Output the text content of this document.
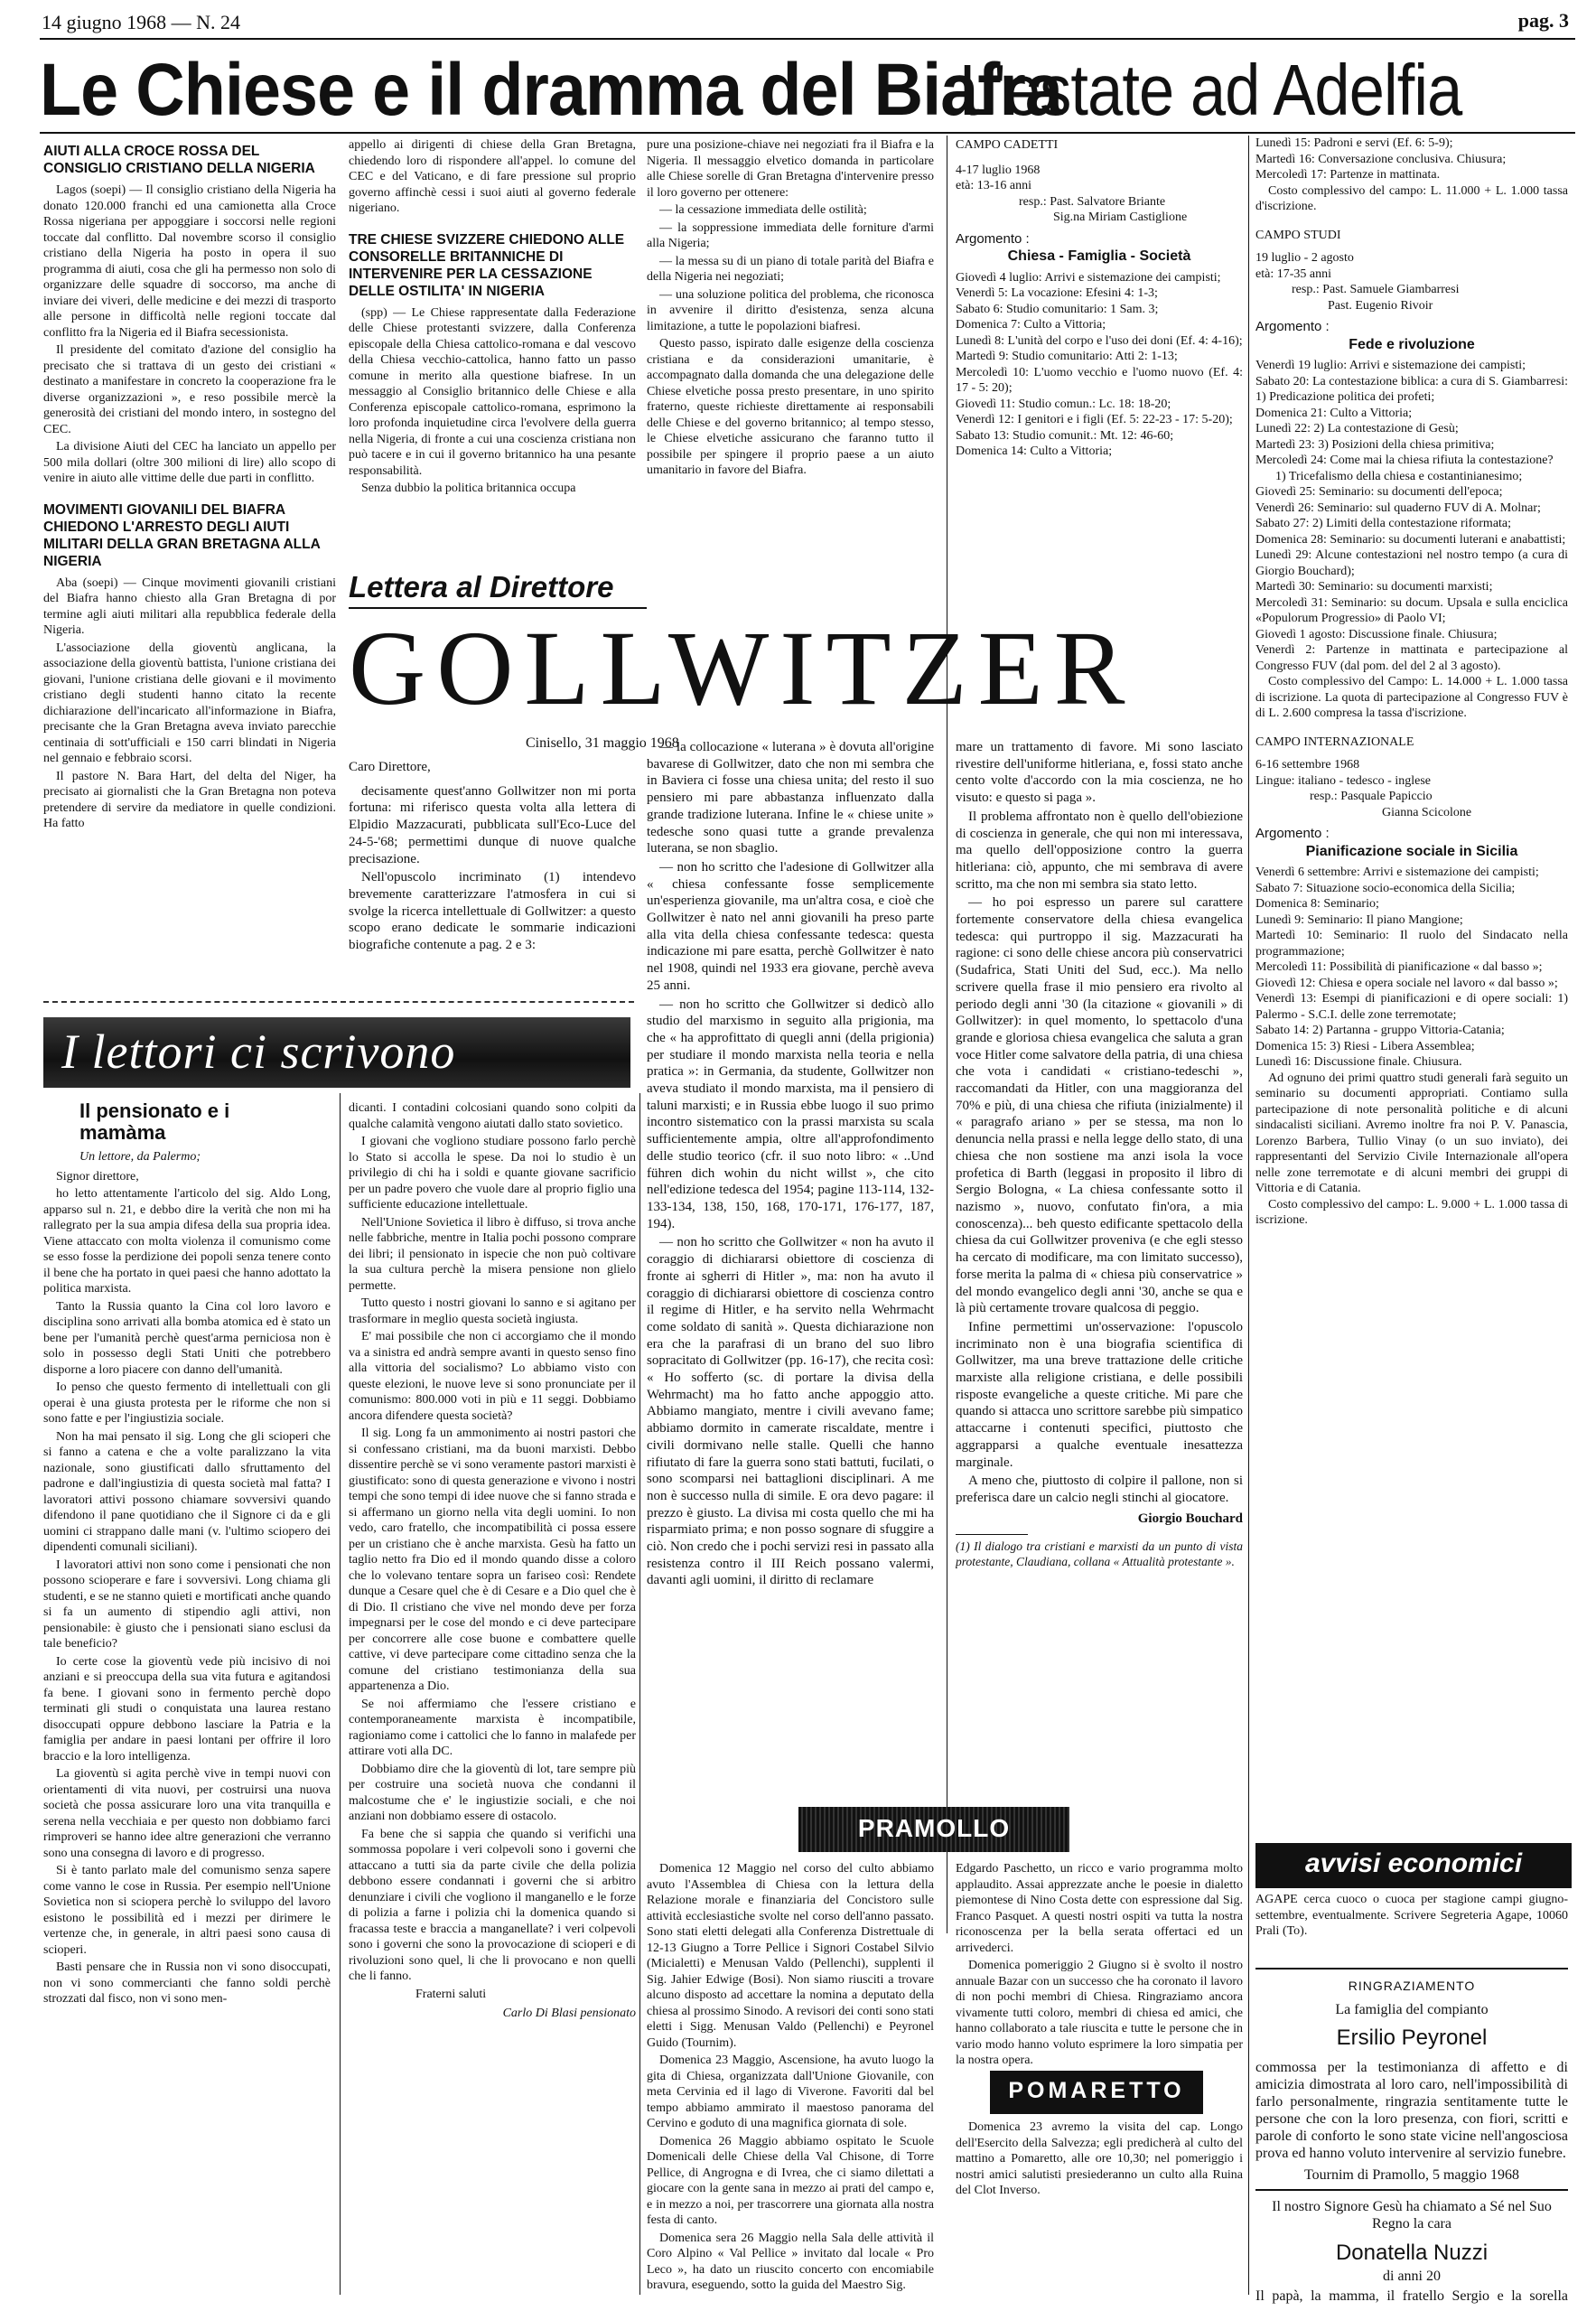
14 giugno 1968 — N. 24	pag. 3
Le Chiese e il dramma del Biafra
L'estate ad Adelfia
AIUTI ALLA CROCE ROSSA DEL CONSIGLIO CRISTIANO DELLA NIGERIA

Lagos (soepi) — Il consiglio cristiano della Nigeria ha donato 120.000 franchi ed una camionetta alla Croce Rossa nigeriana per appoggiare i soccorsi nelle regioni toccate dal conflitto. Dal novembre scorso il consiglio cristiano della Nigeria ha posto in opera il suo programma di aiuti, cosa che gli ha permesso non solo di organizzare delle squadre di soccorso, ma anche di inviare dei viveri, delle medicine e dei mezzi di trasporto alle persone in difficoltà nelle regioni toccate dal conflitto fra la Nigeria ed il Biafra secessionista.

Il presidente del comitato d'azione del consiglio ha precisato che si trattava di un gesto dei cristiani « destinato a manifestare in concreto la cooperazione fra le diverse organizzazioni », e reso possibile mercè la generosità dei cristiani del mondo intero, in sostegno del CEC.

La divisione Aiuti del CEC ha lanciato un appello per 500 mila dollari (oltre 300 milioni di lire) allo scopo di venire in aiuto alle vittime delle due parti in conflitto.

MOVIMENTI GIOVANILI DEL BIAFRA CHIEDONO L'ARRESTO DEGLI AIUTI MILITARI DELLA GRAN BRETAGNA ALLA NIGERIA

Aba (soepi) — Cinque movimenti giovanili cristiani del Biafra hanno chiesto alla Gran Bretagna di por termine agli aiuti militari alla repubblica federale della Nigeria.

L'associazione della gioventù anglicana, la associazione della gioventù battista, l'unione cristiana dei giovani, l'unione cristiana delle giovani e il movimento cristiano degli studenti hanno citato la recente dichiarazione dell'incaricato all'informazione in Biafra, precisante che la Gran Bretagna aveva inviato parecchie centinaia di sott'ufficiali e 150 carri blindati in Nigeria nel gennaio e febbraio scorsi.

Il pastore N. Bara Hart, del delta del Niger, ha precisato ai giornalisti che la Gran Bretagna non poteva pretendere di servire da mediatore in quelle condizioni. Ha fatto

appello ai dirigenti di chiese della Gran Bretagna, chiedendo loro di rispondere all'appel. lo comune del CEC e del Vaticano, e di fare pressione sul proprio governo affinchè cessi i suoi aiuti al governo federale nigeriano.

TRE CHIESE SVIZZERE CHIEDONO ALLE CONSORELLE BRITANNICHE DI INTERVENIRE PER LA CESSAZIONE DELLE OSTILITA' IN NIGERIA

(spp) — Le Chiese rappresentate dalla Federazione delle Chiese protestanti svizzere, dalla Conferenza episcopale della Chiesa cattolico-romana e dal vescovo della Chiesa vecchio-cattolica, hanno fatto un passo comune in merito alla questione biafrese. In un messaggio al Consiglio britannico delle Chiese e alla Conferenza episcopale cattolico-romana, esprimono la loro profonda inquietudine circa l'evolvere della guerra nella Nigeria, di fronte a cui una coscienza cristiana non può tacere e in cui il governo britannico ha una pesante responsabilità.

Senza dubbio la politica britannica occupa

pure una posizione-chiave nei negoziati fra il Biafra e la Nigeria. Il messaggio elvetico domanda in particolare alle Chiese sorelle di Gran Bretagna d'intervenire presso il loro governo per ottenere:

— la cessazione immediata delle ostilità;

— la soppressione immediata delle forniture d'armi alla Nigeria;

— la messa su di un piano di totale parità del Biafra e della Nigeria nei negoziati;

— una soluzione politica del problema, che riconosca in avvenire il diritto d'esistenza, senza alcuna limitazione, a tutte le popolazioni biafresi.

Questo passo, ispirato dalle esigenze della coscienza cristiana e da considerazioni umanitarie, è accompagnato dalla domanda che una delegazione delle Chiese elvetiche possa presto presentare, in uno spirito fraterno, queste richieste direttamente ai responsabili delle Chiese e del governo britannico; al tempo stesso, le Chiese elvetiche assicurano che faranno tutto il possibile per spingere il proprio paese a un aiuto umanitario in favore del Biafra.

CAMPO CADETTI
4-17 luglio 1968
età: 13-16 anni
resp.: Past. Salvatore Briante
Sig.na Miriam Castiglione
Argomento :
Chiesa - Famiglia - Società

Giovedì 4 luglio: Arrivi e sistemazione dei campisti;

Venerdì 5: La vocazione: Efesini 4: 1-3;

Sabato 6: Studio comunitario: 1 Sam. 3;

Domenica 7: Culto a Vittoria;

Lunedì 8: L'unità del corpo e l'uso dei doni (Ef. 4: 4-16);

Martedì 9: Studio comunitario: Atti 2: 1-13;

Mercoledì 10: L'uomo vecchio e l'uomo nuovo (Ef. 4: 17 - 5: 20);

Giovedì 11: Studio comun.: Lc. 18: 18-20;

Venerdì 12: I genitori e i figli (Ef. 5: 22-23 - 17: 5-20);

Sabato 13: Studio comunit.: Mt. 12: 46-60;

Domenica 14: Culto a Vittoria;

Lunedì 15: Padroni e servi (Ef. 6: 5-9);

Martedì 16: Conversazione conclusiva. Chiusura;

Mercoledì 17: Partenze in mattinata.

Costo complessivo del campo: L. 11.000 + L. 1.000 tassa d'iscrizione.

CAMPO STUDI
19 luglio - 2 agosto
età: 17-35 anni
resp.: Past. Samuele Giambarresi
Past. Eugenio Rivoir
Argomento :
Fede e rivoluzione

Venerdì 19 luglio: Arrivi e sistemazione dei campisti;

Sabato 20: La contestazione biblica: a cura di S. Giambarresi: 1) Predicazione politica dei profeti;

Domenica 21: Culto a Vittoria;

Lunedì 22: 2) La contestazione di Gesù;

Martedì 23: 3) Posizioni della chiesa primitiva;

Mercoledì 24: Come mai la chiesa rifiuta la contestazione?

1) Tricefalismo della chiesa e costantinianesimo;

Giovedì 25: Seminario: su documenti dell'epoca;

Venerdì 26: Seminario: sul quaderno FUV di A. Molnar;

Sabato 27: 2) Limiti della contestazione riformata;

Domenica 28: Seminario: su documenti luterani e anabattisti;

Lunedì 29: Alcune contestazioni nel nostro tempo (a cura di Giorgio Bouchard);

Martedì 30: Seminario: su documenti marxisti;

Mercoledì 31: Seminario: su docum. Upsala e sulla enciclica «Populorum Progressio» di Paolo VI;

Giovedì 1 agosto: Discussione finale. Chiusura;

Venerdì 2: Partenze in mattinata e partecipazione al Congresso FUV (dal pom. del del 2 al 3 agosto).

Costo complessivo del Campo: L. 14.000 + L. 1.000 tassa di iscrizione. La quota di partecipazione al Congresso FUV è di L. 2.600 compresa la tassa d'iscrizione.

CAMPO INTERNAZIONALE
6-16 settembre 1968
Lingue: italiano - tedesco - inglese
resp.: Pasquale Papiccio
Gianna Scicolone
Argomento :
Pianificazione sociale in Sicilia

Venerdì 6 settembre: Arrivi e sistemazione dei campisti;

Sabato 7: Situazione socio-economica della Sicilia;

Domenica 8: Seminario;

Lunedì 9: Seminario: Il piano Mangione;

Martedì 10: Seminario: Il ruolo del Sindacato nella programmazione;

Mercoledì 11: Possibilità di pianificazione « dal basso »;

Giovedì 12: Chiesa e opera sociale nel lavoro « dal basso »;

Venerdì 13: Esempi di pianificazioni e di opere sociali: 1) Palermo - S.C.I. delle zone terremotate;

Sabato 14: 2) Partanna - gruppo Vittoria-Catania;

Domenica 15: 3) Riesi - Libera Assemblea;

Lunedì 16: Discussione finale. Chiusura.

Ad ognuno dei primi quattro studi generali farà seguito un seminario su documenti appropriati. Contiamo sulla partecipazione di note personalità politiche e di alcuni sindacalisti siciliani. Avremo inoltre fra noi P. V. Panascia, Lorenzo Barbera, Tullio Vinay (o un suo inviato), dei rappresentanti del Servizio Civile Internazionale all'opera nelle zone terremotate e di alcuni membri dei gruppi di Vittoria e di Catania.

Costo complessivo del campo: L. 9.000 + L. 1.000 tassa di iscrizione.

Lettera al Direttore
GOLLWITZER
Cinisello, 31 maggio 1968

Caro Direttore,

decisamente quest'anno Gollwitzer non mi porta fortuna: mi riferisco questa volta alla lettera di Elpidio Mazzacurati, pubblicata sull'Eco-Luce del 24-5-'68; permettimi dunque di nuove qualche precisazione.

Nell'opuscolo incriminato (1) intendevo brevemente caratterizzare l'atmosfera in cui si svolge la ricerca intellettuale di Gollwitzer: a questo scopo erano dedicate le sommarie indicazioni biografiche contenute a pag. 2 e 3:

— la collocazione « luterana » è dovuta all'origine bavarese di Gollwitzer, dato che non mi sembra che in Baviera ci fosse una chiesa unita; del resto il suo pensiero mi pare abbastanza influenzato dalla grande tradizione luterana. Infine le « chiese unite » tedesche sono quasi tutte a grande prevalenza luterana, se non sbaglio.

— non ho scritto che l'adesione di Gollwitzer alla « chiesa confessante fosse semplicemente un'esperienza giovanile, ma un'altra cosa, e cioè che Gollwitzer è nato nel anni giovanili ha preso parte alla vita della chiesa confessante tedesca: questa indicazione mi pare esatta, perchè Gollwitzer è nato nel 1908, quindi nel 1933 era giovane, perchè aveva 25 anni.

— non ho scritto che Gollwitzer si dedicò allo studio del marxismo in seguito alla prigionia, ma che « ha approfittato di quegli anni (della prigionia) per studiare il mondo marxista nella teoria e nella pratica »: in Germania, da studente, Gollwitzer non aveva studiato il mondo marxista, ma il pensiero di taluni marxisti; e in Russia ebbe luogo il suo primo incontro sistematico con la prassi marxista su scala sufficientemente ampia, oltre all'approfondimento delle studio teorico (cfr. il suo noto libro: « ..Und führen dich wohin du nicht willst », che cito nell'edizione tedesca del 1954; pagine 113-114, 132-133-134, 138, 150, 168, 170-171, 176-177, 187, 194).

— non ho scritto che Gollwitzer « non ha avuto il coraggio di dichiararsi obiettore di coscienza di fronte ai sgherri di Hitler », ma: non ha avuto il coraggio di dichiararsi obiettore di coscienza contro il regime di Hitler, e ha servito nella Wehrmacht come soldato di sanità ». Questa dichiarazione non era che la parafrasi di un brano del suo libro sopracitato di Gollwitzer (pp. 16-17), che recita così: « Ho sofferto (sc. di portare la divisa della Wehrmacht) ma ho fatto anche appoggio atto. Abbiamo mangiato, mentre i civili avevano fame; abbiamo dormito in camerate riscaldate, mentre i civili dormivano nelle stalle. Quelli che hanno rifiutato di fare la guerra sono stati battuti, fucilati, o sono scomparsi nei battaglioni disciplinari. A me non è successo nulla di simile. E ora devo pagare: il prezzo è giusto. La divisa mi costa quello che mi ha risparmiato prima; e non posso sognare di sfuggire a ciò. Non credo che i pochi servizi resi in passato alla resistenza contro il III Reich possano valermi, davanti agli uomini, il diritto di reclamare

mare un trattamento di favore. Mi sono lasciato rivestire dell'uniforme hitleriana, e, fossi stato anche cento volte d'accordo con la mia coscienza, ne ho visuto: e questo si paga ».

Il problema affrontato non è quello dell'obiezione di coscienza in generale, che qui non mi interessava, ma quello dell'opposizione contro la guerra hitleriana: ciò, appunto, che mi sembrava di avere scritto, ma che non mi sembra sia stato letto.

— ho poi espresso un parere sul carattere fortemente conservatore della chiesa evangelica tedesca: qui purtroppo il sig. Mazzacurati ha ragione: ci sono delle chiese ancora più conservatrici (Sudafrica, Stati Uniti del Sud, ecc.). Ma nello scrivere quella frase il mio pensiero era rivolto al periodo degli anni '30 (la citazione « giovanili » di Gollwitzer): in quel momento, lo spettacolo d'una grande e gloriosa chiesa evangelica che saluta a gran voce Hitler come salvatore della patria, di una chiesa che vota i candidati « cristiano-tedeschi », raccomandati da Hitler, con una maggioranza del 70% e più, di una chiesa che rifiuta (inizialmente) il « paragrafo ariano » per se stessa, ma non lo denuncia nella prassi e nella legge dello stato, di una chiesa che non sostiene ma anzi isola la voce profetica di Barth (leggasi in proposito il libro di Sergio Bologna, « La chiesa confessante sotto il nazismo », nuovo, confutato fin'ora, a mia conoscenza)... beh questo edificante spettacolo della chiesa da cui Gollwitzer proveniva (e che egli stesso ha cercato di modificare, ma con limitato successo), forse merita la palma di « chiesa più conservatrice » del mondo evangelico degli anni '30, anche se qua e là più certamente trovare qualcosa di peggio.

Infine permettimi un'osservazione: l'opuscolo incriminato non è una biografia scientifica di Gollwitzer, ma una breve trattazione delle critiche marxiste alla religione cristiana, e delle possibili risposte evangeliche a queste critiche. Mi pare che quando si attacca uno scrittore sarebbe più simpatico attaccarne i contenuti specifici, piuttosto che aggrapparsi a qualche eventuale inesattezza marginale.

A meno che, piuttosto di colpire il pallone, non si preferisca dare un calcio negli stinchi al giocatore.

Giorgio Bouchard

(1) Il dialogo tra cristiani e marxisti da un punto di vista protestante, Claudiana, collana « Attualità protestante ».

I lettori ci scrivono
Il pensionato e i mamàma
Un lettore, da Palermo;

Signor direttore,

ho letto attentamente l'articolo del sig. Aldo Long, apparso sul n. 21, e debbo dire la verità che non mi ha rallegrato per la sua ampia difesa della sua propria idea. Viene attaccato con molta violenza il comunismo come se esso fosse la perdizione dei popoli senza tenere conto il bene che ha portato in quei paesi che hanno adottato la politica marxista.

Tanto la Russia quanto la Cina col loro lavoro e disciplina sono arrivati alla bomba atomica ed è stato un bene per l'umanità perchè quest'arma perniciosa non è solo in possesso degli Stati Uniti che potrebbero disporne a loro piacere con danno dell'umanità.

Io penso che questo fermento di intellettuali con gli operai è una giusta protesta per le riforme che non si sono fatte e per l'ingiustizia sociale.

Non ha mai pensato il sig. Long che gli scioperi che si fanno a catena e che a volte paralizzano la vita nazionale, sono giustificati dallo sfruttamento del padrone e dall'ingiustizia di questa società mal fatta? I lavoratori attivi possono chiamare sovversivi quando difendono il pane quotidiano che il Signore ci da e gli uomini ci strappano dalle mani (v. l'ultimo sciopero dei dipendenti comunali siciliani).

I lavoratori attivi non sono come i pensionati che non possono scioperare e fare i sovversivi. Long chiama gli studenti, e se ne stanno quieti e mortificati anche quando si fa un aumento di stipendio agli attivi, non pensionabile: è giusto che i pensionati siano esclusi da tale beneficio?

Io certe cose la gioventù vede più incisivo di noi anziani e si preoccupa della sua vita futura e agitandosi fa bene. I giovani sono in fermento perchè dopo terminati gli studi o conquistata una laurea restano disoccupati oppure debbono lasciare la Patria e la famiglia per andare in paesi lontani per offrire il loro braccio e la loro intelligenza.

La gioventù si agita perchè vive in tempi nuovi con orientamenti di vita nuovi, per costruirsi una nuova società che possa assicurare loro una vita tranquilla e serena nella vecchiaia e per questo non dobbiamo farci rimproveri se hanno idee altre generazioni che verranno sono una consegna di lavoro e di progresso.

Si è tanto parlato male del comunismo senza sapere come vanno le cose in Russia. Per esempio nell'Unione Sovietica non si sciopera perchè lo sviluppo del lavoro esistono le possibilità ed i mezzi per dirimere le vertenze che, in generale, in altri paesi sono causa di scioperi.

Basti pensare che in Russia non vi sono disoccupati, non vi sono commercianti che fanno soldi perchè strozzati dal fisco, non vi sono men-

dicanti. I contadini colcosiani quando sono colpiti da qualche calamità vengono aiutati dallo stato sovietico.

I giovani che vogliono studiare possono farlo perchè lo Stato si accolla le spese. Da noi lo studio è un privilegio di chi ha i soldi e quante giovane sacrificio per un padre povero che vuole dare al proprio figlio una sufficiente educazione intellettuale.

Nell'Unione Sovietica il libro è diffuso, si trova anche nelle fabbriche, mentre in Italia pochi possono comprare dei libri; il pensionato in ispecie che non può coltivare la sua cultura perchè la misera pensione non glielo permette.

Tutto questo i nostri giovani lo sanno e si agitano per trasformare in meglio questa società ingiusta.

E' mai possibile che non ci accorgiamo che il mondo va a sinistra ed andrà sempre avanti in questo senso fino alla vittoria del socialismo? Lo abbiamo visto con queste elezioni, le nuove leve si sono pronunciate per il comunismo: 800.000 voti in più e 11 seggi. Dobbiamo ancora difendere questa società?

Il sig. Long fa un ammonimento ai nostri pastori che si confessano cristiani, ma da buoni marxisti. Debbo dissentire perchè se vi sono veramente pastori marxisti è giustificato: sono di questa generazione e vivono i nostri tempi che sono tempi di idee nuove che si fanno strada e si affermano un giorno nella vita degli uomini. Io non vedo, caro fratello, che incompatibilità ci possa essere per un cristiano che è anche marxista. Gesù ha fatto un taglio netto fra Dio ed il mondo quando disse a coloro che lo volevano tentare sopra un fariseo così: Rendete dunque a Cesare quel che è di Cesare e a Dio quel che è di Dio. Il cristiano che vive nel mondo deve per forza impegnarsi per le cose del mondo e ci deve partecipare per concorrere alle cose buone e combattere quelle cattive, vi deve partecipare come cittadino senza che la comune del cristiano testimonianza della sua appartenenza a Dio.

Se noi affermiamo che l'essere cristiano e contemporaneamente marxista è incompatibile, ragioniamo come i cattolici che lo fanno in malafede per attirare voti alla DC.

Dobbiamo dire che la gioventù di lot, tare sempre più per costruire una società nuova che condanni il malcostume che e' le ingiustizie sociali, e che noi anziani non dobbiamo essere di ostacolo.

Fa bene che si sappia che quando si verifichi una sommossa popolare i veri colpevoli sono i governi che attaccano a tutti sia da parte civile che della polizia debbono essere condannati i governi che si arbitro denunziare i civili che vogliono il manganello e le forze di polizia a farne i polizia chi la domenica quando si fracassa teste e braccia a manganellate? i veri colpevoli sono i governi che sono la provocazione di scioperi e di rivoluzioni sono quel, li che li provocano e non quelli che li fanno.

Fraterni saluti

Carlo Di Blasi pensionato
PRAMOLLO

Domenica 12 Maggio nel corso del culto abbiamo avuto l'Assemblea di Chiesa con la lettura della Relazione morale e finanziaria del Concistoro sulle attività ecclesiastiche svolte nel corso dell'anno passato. Sono stati eletti delegati alla Conferenza Distrettuale di 12-13 Giugno a Torre Pellice i Signori Costabel Silvio (Micialetti) e Menusan Valdo (Pellenchi), supplenti il Sig. Jahier Edwige (Bosi). Non siamo riusciti a trovare alcuno disposto ad accettare la nomina a deputato della chiesa al prossimo Sinodo. A revisori dei conti sono stati eletti i Sigg. Menusan Valdo (Pellenchi) e Peyronel Guido (Tournim).

Domenica 23 Maggio, Ascensione, ha avuto luogo la gita di Chiesa, organizzata dall'Unione Giovanile, con meta Cervinia ed il lago di Viverone. Favoriti dal bel tempo abbiamo ammirato il maestoso panorama del Cervino e goduto di una magnifica giornata di sole.

Domenica 26 Maggio abbiamo ospitato le Scuole Domenicali delle Chiese della Val Chisone, di Torre Pellice, di Angrogna e di Ivrea, che ci siamo dilettati a giocare con la gente sana in mezzo ai prati del campo e, e in mezzo a noi, per trascorrere una giornata alla nostra festa di canto.

Domenica sera 26 Maggio nella Sala delle attività il Coro Alpino « Val Pellice » invitato dal locale « Pro Leco », ha dato un riuscito concerto con encomiabile bravura, eseguendo, sotto la guida del Maestro Sig.

Edgardo Paschetto, un ricco e vario programma molto applaudito. Assai apprezzate anche le poesie in dialetto piemontese di Nino Costa dette con espressione dal Sig. Franco Pasquet. A questi nostri ospiti va tutta la nostra riconoscenza per la bella serata offertaci ed un arrivederci.

Domenica pomeriggio 2 Giugno si è svolto il nostro annuale Bazar con un successo che ha coronato il lavoro di non pochi membri di Chiesa. Ringraziamo ancora vivamente tutti coloro, membri di chiesa ed amici, che hanno collaborato a tale riuscita e tutte le persone che in vario modo hanno voluto esprimere la loro simpatia per la nostra opera.

POMARETTO

Domenica 23 avremo la visita del cap. Longo dell'Esercito della Salvezza; egli predicherà al culto del mattino a Pomaretto, alle ore 10,30; nel pomeriggio i nostri amici salutisti presiederanno un culto alla Ruina del Clot Inverso.

avvisi economici

AGAPE cerca cuoco o cuoca per stagione campi giugno-settembre, eventualmente. Scrivere Segreteria Agape, 10060 Prali (To).

RINGRAZIAMENTO
La famiglia del compianto
Ersilio Peyronel

commossa per la testimonianza di affetto e di amicizia dimostrata al loro caro, nell'impossibilità di farlo personalmente, ringrazia sentitamente tutte le persone che con la loro presenza, con fiori, scritti e parole di conforto le sono state vicine nell'angosciosa prova ed hanno voluto intervenire al servizio funebre.

Tournim di Pramollo, 5 maggio 1968
Il nostro Signore Gesù ha chiamato a Sé nel Suo Regno la cara
Donatella Nuzzi
di anni 20

Il papà, la mamma, il fratello Sergio e la sorella
